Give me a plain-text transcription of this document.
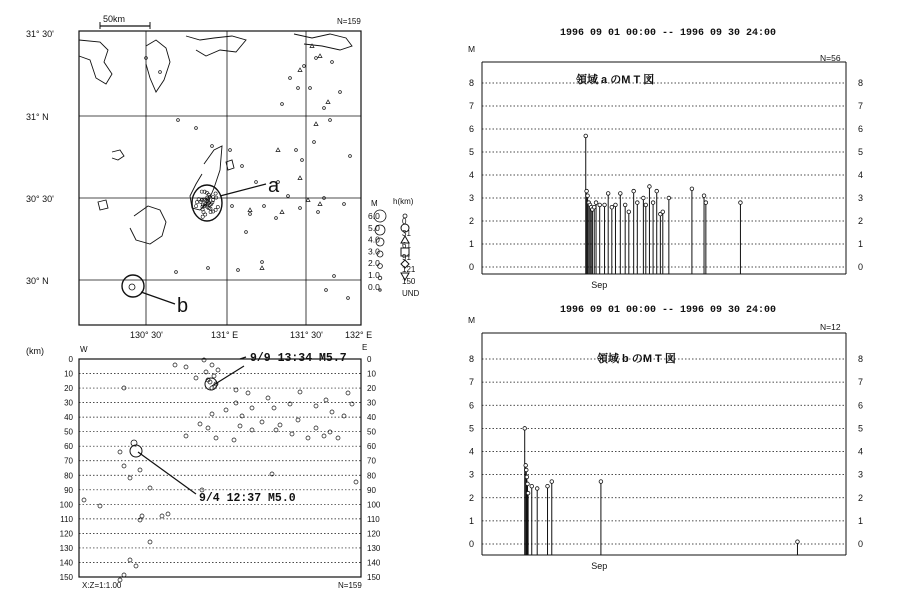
31° 30'
31° N
30° 30'
30° N
130° 30'	131° E	131° 30' 132° E
50km	N=159
a
b
M
6.0
5.0
4.0
3.0
2.0
1.0
0.0
h(km)
0
31
61
91
121
150
UND
(km)	W	E
0	0
10	10
20	20
30	30
40	40
50	50
60	60
70	70
80	80
90	90
100	100
110	110
120	120
130	130
140	140
150	150
X:Z=1:1.00	N=159
9/9 13:34 M5.7
9/4 12:37 M5.0
1996 09 01 00:00 -- 1996 09 30 24:00
領域 a のM T 図
N=56
M
Sep
0	0
1	1
2	2
3	3
4	4
5	5
6	6
7	7
8	8
1996 09 01 00:00 -- 1996 09 30 24:00
領域 b のM T 図
N=12
M
Sep
0	0
1	1
2	2
3	3
4	4
5	5
6	6
7	7
8	8
